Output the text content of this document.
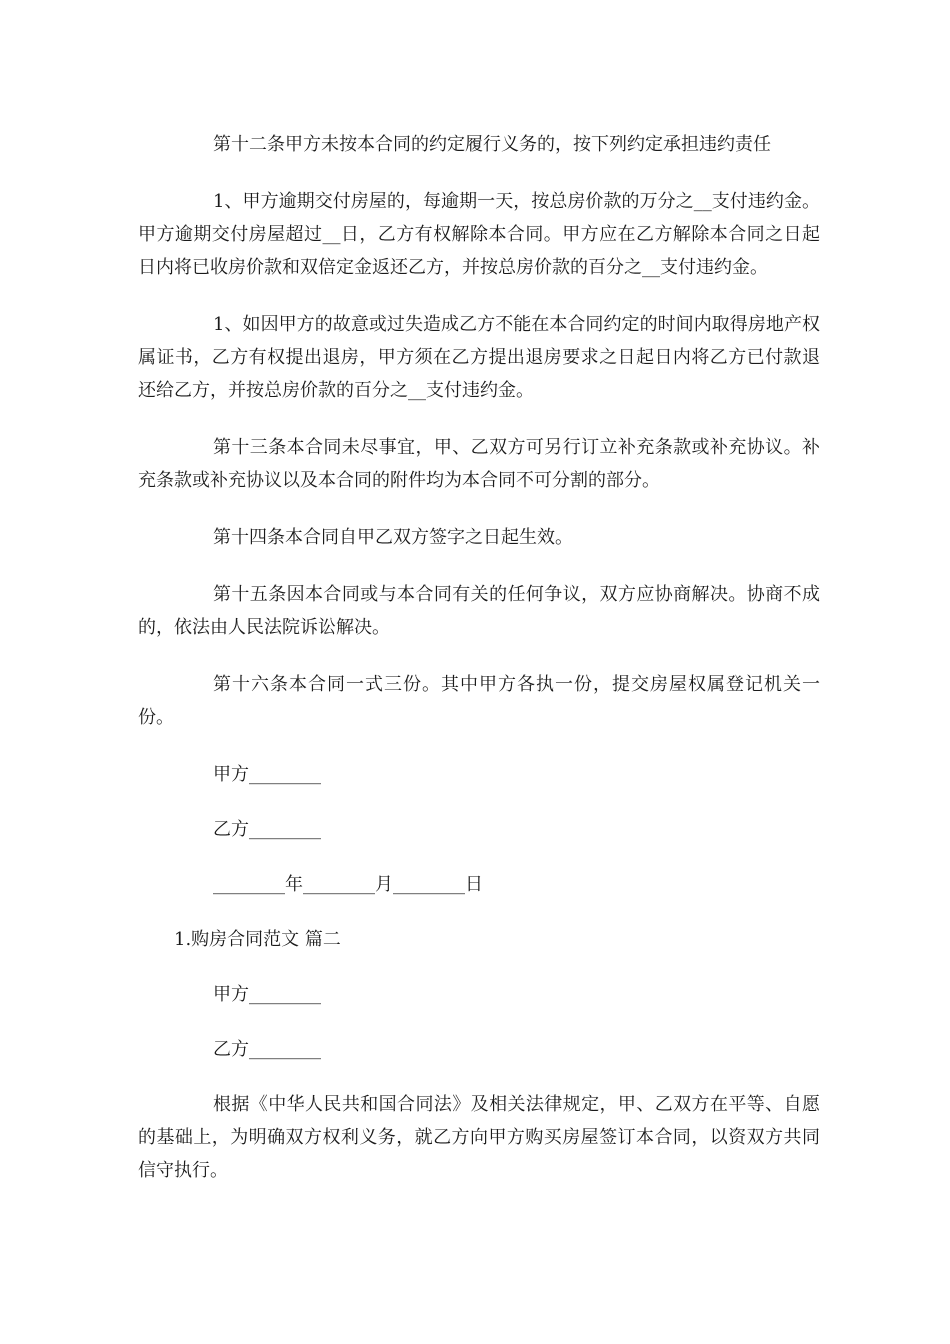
第十二条甲方未按本合同的约定履行义务的，按下列约定承担违约责任

1、甲方逾期交付房屋的，每逾期一天，按总房价款的万分之__支付违约金。甲方逾期交付房屋超过__日，乙方有权解除本合同。甲方应在乙方解除本合同之日起日内将已收房价款和双倍定金返还乙方，并按总房价款的百分之__支付违约金。

1、如因甲方的故意或过失造成乙方不能在本合同约定的时间内取得房地产权属证书，乙方有权提出退房，甲方须在乙方提出退房要求之日起日内将乙方已付款退还给乙方，并按总房价款的百分之__支付违约金。

第十三条本合同未尽事宜，甲、乙双方可另行订立补充条款或补充协议。补充条款或补充协议以及本合同的附件均为本合同不可分割的部分。

第十四条本合同自甲乙双方签字之日起生效。

第十五条因本合同或与本合同有关的任何争议，双方应协商解决。协商不成的，依法由人民法院诉讼解决。

第十六条本合同一式三份。其中甲方各执一份，提交房屋权属登记机关一份。

甲方________
乙方________
________年________月________日
1.购房合同范文 篇二
甲方________
乙方________

根据《中华人民共和国合同法》及相关法律规定，甲、乙双方在平等、自愿的基础上，为明确双方权利义务，就乙方向甲方购买房屋签订本合同，以资双方共同信守执行。
